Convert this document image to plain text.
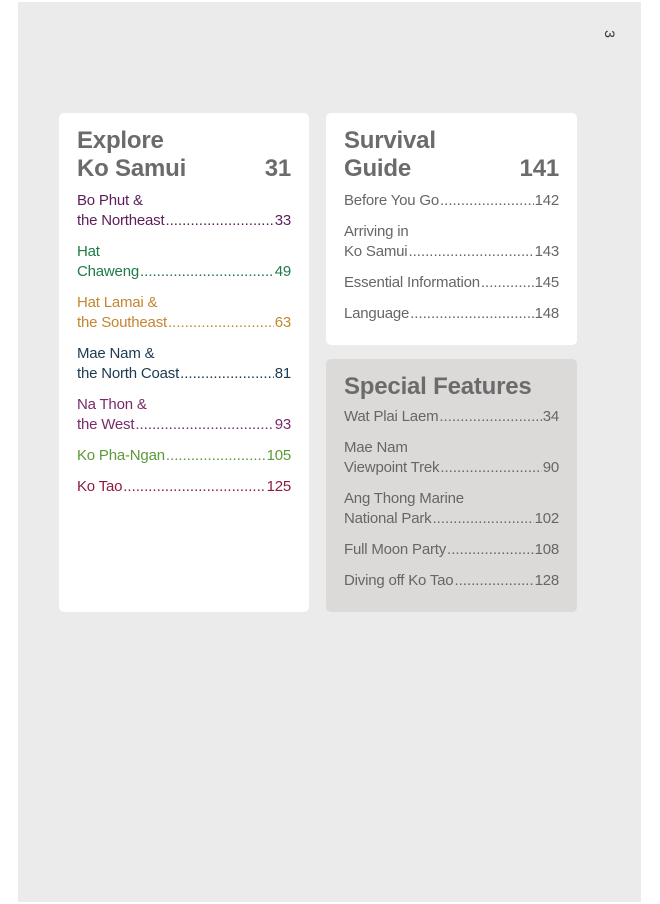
3
Explore
Ko Samui	31
Bo Phut &
the Northeast .....	33
Hat
Chaweng .....	49
Hat Lamai &
the Southeast .....	63
Mae Nam &
the North Coast .....	81
Na Thon &
the West .....	93
Ko Pha-Ngan .....	105
Ko Tao .....	125
Survival
Guide	141
Before You Go .....	142
Arriving in
Ko Samui .....	143
Essential Information .....	145
Language .....	148
Special Features
Wat Plai Laem .....	34
Mae Nam
Viewpoint Trek .....	90
Ang Thong Marine
National Park .....	102
Full Moon Party .....	108
Diving off Ko Tao .....	128
